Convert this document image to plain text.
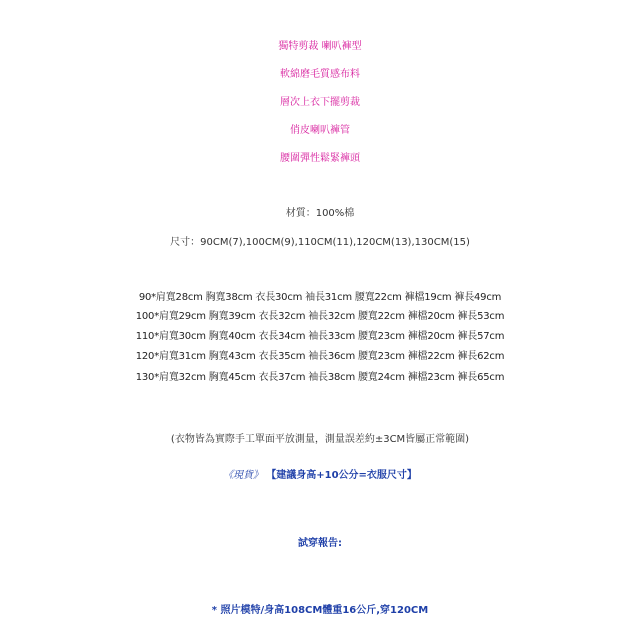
獨特剪裁 喇叭褲型
軟綿磨毛質感布料
層次上衣下擺剪裁
俏皮喇叭褲管
腰圍彈性鬆緊褲頭
材質：100%棉
尺寸：90CM(7),100CM(9),110CM(11),120CM(13),130CM(15)
90*肩寬28cm 胸寬38cm 衣長30cm 袖長31cm 腰寬22cm 褲檔19cm 褲長49cm
100*肩寬29cm 胸寬39cm 衣長32cm 袖長32cm 腰寬22cm 褲檔20cm 褲長53cm
110*肩寬30cm 胸寬40cm 衣長34cm 袖長33cm 腰寬23cm 褲檔20cm 褲長57cm
120*肩寬31cm 胸寬43cm 衣長35cm 袖長36cm 腰寬23cm 褲檔22cm 褲長62cm
130*肩寬32cm 胸寬45cm 衣長37cm 袖長38cm 腰寬24cm 褲檔23cm 褲長65cm
(衣物皆為實際手工單面平放測量，測量誤差約±3CM皆屬正常範圍)
《現貨》 【建議身高+10公分=衣服尺寸】
試穿報告:
* 照片模特/身高108CM體重16公斤,穿120CM
